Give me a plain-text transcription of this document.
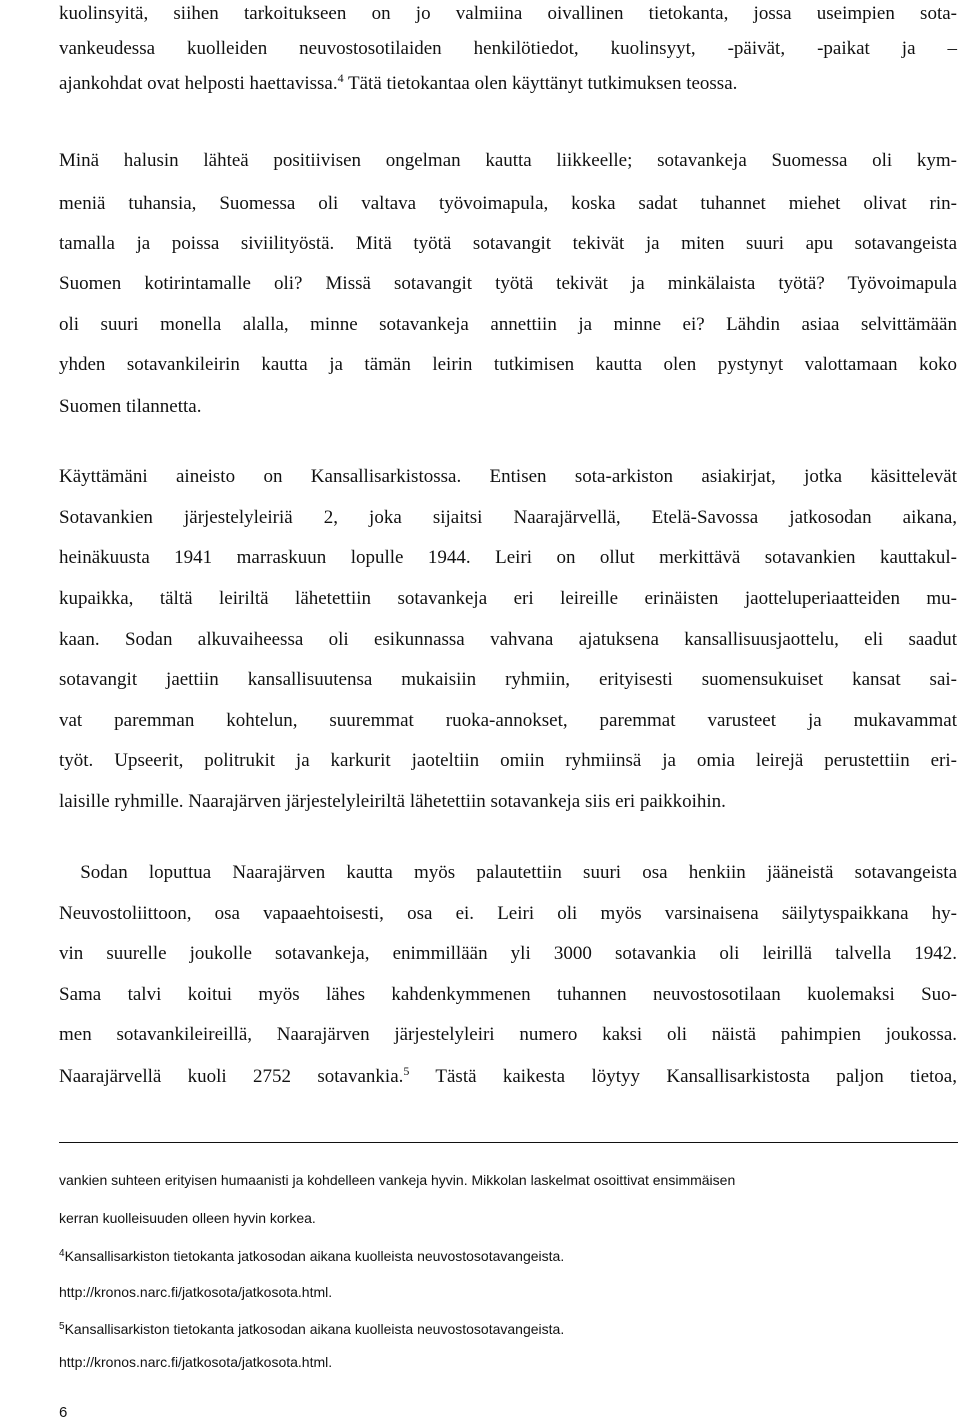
kuolinsyitä, siihen tarkoitukseen on jo valmiina oivallinen tietokanta, jossa useimpien sota-

vankeudessa kuolleiden neuvostosotilaiden henkilötiedot, kuolinsyyt, -päivät, -paikat ja –

ajankohdat ovat helposti haettavissa.$^4$ Tätä tietokantaa olen käyttänyt tutkimuksen teossa.

Minä halusin lähteä positiivisen ongelman kautta liikkeelle; sotavankeja Suomessa oli kym-

meniä tuhansia, Suomessa oli valtava työvoimapula, koska sadat tuhannet miehet olivat rin-

tamalla ja poissa siviilityöstä. Mitä työtä sotavangit tekivät ja miten suuri apu sotavangeista

Suomen kotirintamalle oli? Missä sotavangit työtä tekivät ja minkälaista työtä? Työvoimapula

oli suuri monella alalla, minne sotavankeja annettiin ja minne ei? Lähdin asiaa selvittämään

yhden sotavankileirin kautta ja tämän leirin tutkimisen kautta olen pystynyt valottamaan koko

Suomen tilannetta.

Käyttämäni aineisto on Kansallisarkistossa. Entisen sota-arkiston asiakirjat, jotka käsittelevät

Sotavankien järjestelyleiriä 2, joka sijaitsi Naarajärvellä, Etelä-Savossa jatkosodan aikana,

heinäkuusta 1941 marraskuun lopulle 1944. Leiri on ollut merkittävä sotavankien kauttakul-

kupaikka, tältä leiriltä lähetettiin sotavankeja eri leireille erinäisten jaotteluperiaatteiden mu-

kaan. Sodan alkuvaiheessa oli esikunnassa vahvana ajatuksena kansallisuusjaottelu, eli saadut

sotavangit jaettiin kansallisuutensa mukaisiin ryhmiin, erityisesti suomensukuiset kansat sai-

vat paremman kohtelun, suuremmat ruoka-annokset, paremmat varusteet ja mukavammat

työt. Upseerit, politrukit ja karkurit jaoteltiin omiin ryhmiinsä ja omia leirejä perustettiin eri-

laisille ryhmille. Naarajärven järjestelyleiriltä lähetettiin sotavankeja siis eri paikkoihin.

Sodan loputtua Naarajärven kautta myös palautettiin suuri osa henkiin jääneistä sotavangeista

Neuvostoliittoon, osa vapaaehtoisesti, osa ei. Leiri oli myös varsinaisena säilytyspaikkana hy-

vin suurelle joukolle sotavankeja, enimmillään yli 3000 sotavankia oli leirillä talvella 1942.

Sama talvi koitui myös lähes kahdenkymmenen tuhannen neuvostosotilaan kuolemaksi Suo-

men sotavankileireillä, Naarajärven järjestelyleiri numero kaksi oli näistä pahimpien joukossa.

Naarajärvellä kuoli 2752 sotavankia.$^5$ Tästä kaikesta löytyy Kansallisarkistosta paljon tietoa,

vankien suhteen erityisen humaanisti ja kohdelleen vankeja hyvin. Mikkolan laskelmat osoittivat ensimmäisen

kerran kuolleisuuden olleen hyvin korkea.

$^4$Kansallisarkiston tietokanta jatkosodan aikana kuolleista neuvostosotavangeista.

http://kronos.narc.fi/jatkosota/jatkosota.html.

$^5$Kansallisarkiston tietokanta jatkosodan aikana kuolleista neuvostosotavangeista.

http://kronos.narc.fi/jatkosota/jatkosota.html.

6
